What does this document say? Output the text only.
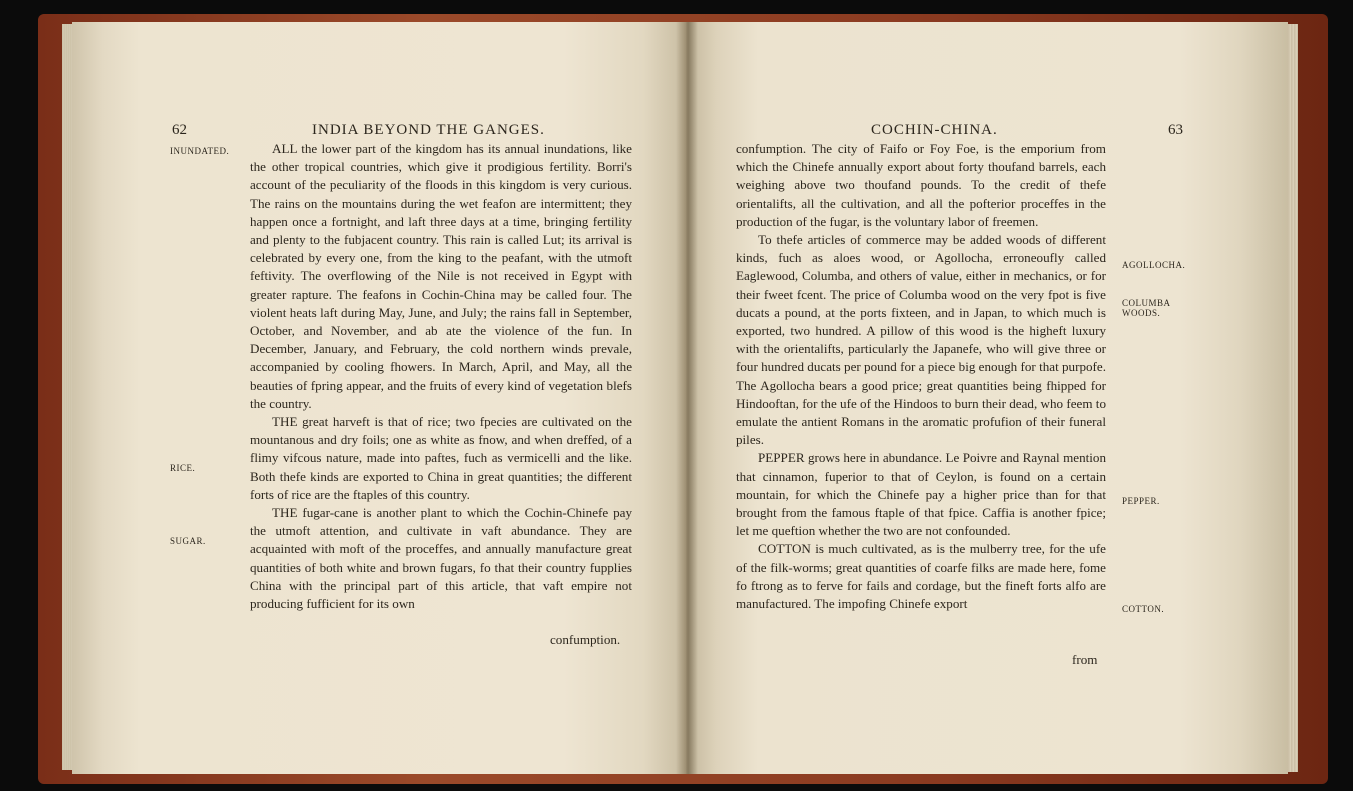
62	INDIA BEYOND THE GANGES.
INUNDATED.
RICE.
SUGAR.

ALL the lower part of the kingdom has its annual inundations, like the other tropical countries, which give it prodigious fertility. Borri's account of the peculiarity of the floods in this kingdom is very curious. The rains on the mountains during the wet feafon are intermittent; they happen once a fortnight, and laft three days at a time, bringing fertility and plenty to the fubjacent country. This rain is called Lut; its arrival is celebrated by every one, from the king to the peafant, with the utmoft feftivity. The overflowing of the Nile is not received in Egypt with greater rapture. The feafons in Cochin-China may be called four. The violent heats laft during May, June, and July; the rains fall in September, October, and November, and ab ate the violence of the fun. In December, January, and February, the cold northern winds prevale, accompanied by cooling fhowers. In March, April, and May, all the beauties of fpring appear, and the fruits of every kind of vegetation blefs the country.

THE great harveft is that of rice; two fpecies are cultivated on the mountanous and dry foils; one as white as fnow, and when dreffed, of a flimy vifcous nature, made into paftes, fuch as vermicelli and the like. Both thefe kinds are exported to China in great quantities; the different forts of rice are the ftaples of this country.

THE fugar-cane is another plant to which the Cochin-Chinefe pay the utmoft attention, and cultivate in vaft abundance. They are acquainted with moft of the proceffes, and annually manufacture great quantities of both white and brown fugars, fo that their country fupplies China with the principal part of this article, that vaft empire not producing fufficient for its own

confumption.
COCHIN-CHINA.	63
AGOLLOCHA.
COLUMBA WOODS.
PEPPER.
COTTON.

confumption. The city of Faifo or Foy Foe, is the emporium from which the Chinefe annually export about forty thoufand barrels, each weighing above two thoufand pounds. To the credit of thefe orientalifts, all the cultivation, and all the pofterior proceffes in the production of the fugar, is the voluntary labor of freemen.

To thefe articles of commerce may be added woods of different kinds, fuch as aloes wood, or Agollocha, erroneoufly called Eaglewood, Columba, and others of value, either in mechanics, or for their fweet fcent. The price of Columba wood on the very fpot is five ducats a pound, at the ports fixteen, and in Japan, to which much is exported, two hundred. A pillow of this wood is the higheft luxury with the orientalifts, particularly the Japanefe, who will give three or four hundred ducats per pound for a piece big enough for that purpofe. The Agollocha bears a good price; great quantities being fhipped for Hindooftan, for the ufe of the Hindoos to burn their dead, who feem to emulate the antient Romans in the aromatic profufion of their funeral piles.

PEPPER grows here in abundance. Le Poivre and Raynal mention that cinnamon, fuperior to that of Ceylon, is found on a certain mountain, for which the Chinefe pay a higher price than for that brought from the famous ftaple of that fpice. Caffia is another fpice; let me queftion whether the two are not confounded.

COTTON is much cultivated, as is the mulberry tree, for the ufe of the filk-worms; great quantities of coarfe filks are made here, fome fo ftrong as to ferve for fails and cordage, but the fineft forts alfo are manufactured. The impofing Chinefe export

from
